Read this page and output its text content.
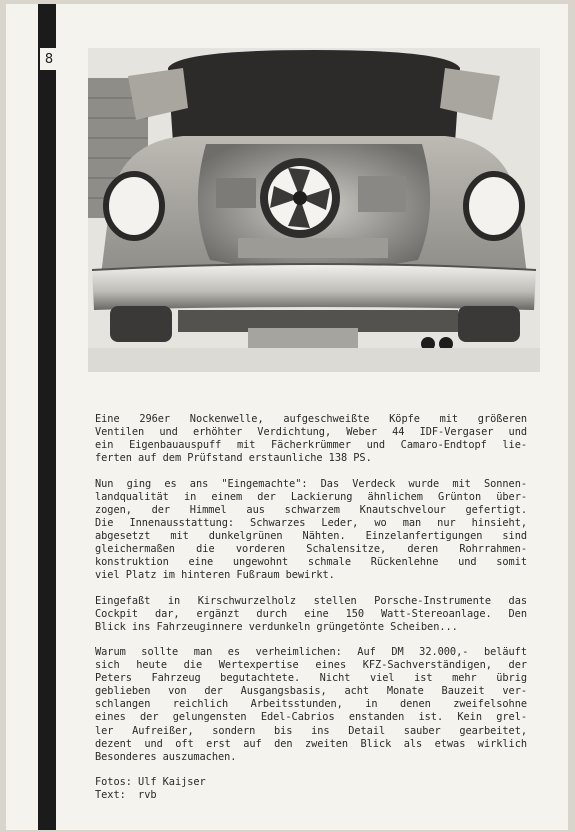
8

Eine 296er Nockenwelle, aufgeschweißte Köpfe mit größeren
Ventilen und erhöhter Verdichtung, Weber 44 IDF-Vergaser und
ein Eigenbauauspuff mit Fächerkrümmer und Camaro-Endtopf lie-
ferten auf dem Prüfstand erstaunliche 138 PS.

Nun ging es ans "Eingemachte": Das Verdeck wurde mit Sonnen-
landqualität in einem der Lackierung ähnlichem Grünton über-
zogen, der Himmel aus schwarzem Knautschvelour gefertigt.
Die Innenausstattung: Schwarzes Leder, wo man nur hinsieht,
abgesetzt mit dunkelgrünen Nähten. Einzelanfertigungen sind
gleichermaßen die vorderen Schalensitze, deren Rohrrahmen-
konstruktion eine ungewohnt schmale Rückenlehne und somit
viel Platz im hinteren Fußraum bewirkt.

Eingefaßt in Kirschwurzelholz stellen Porsche-Instrumente das
Cockpit dar, ergänzt durch eine 150 Watt-Stereoanlage. Den
Blick ins Fahrzeuginnere verdunkeln grüngetönte Scheiben...

Warum sollte man es verheimlichen: Auf DM 32.000,- beläuft
sich heute die Wertexpertise eines KFZ-Sachverständigen, der
Peters Fahrzeug begutachtete. Nicht viel ist mehr übrig
geblieben von der Ausgangsbasis, acht Monate Bauzeit ver-
schlangen reichlich Arbeitsstunden, in denen zweifelsohne
eines der gelungensten Edel-Cabrios enstanden ist. Kein grel-
ler Aufreißer, sondern bis ins Detail sauber gearbeitet,
dezent und oft erst auf den zweiten Blick als etwas wirklich
Besonderes auszumachen.

Fotos: Ulf Kaijser
Text:  rvb
